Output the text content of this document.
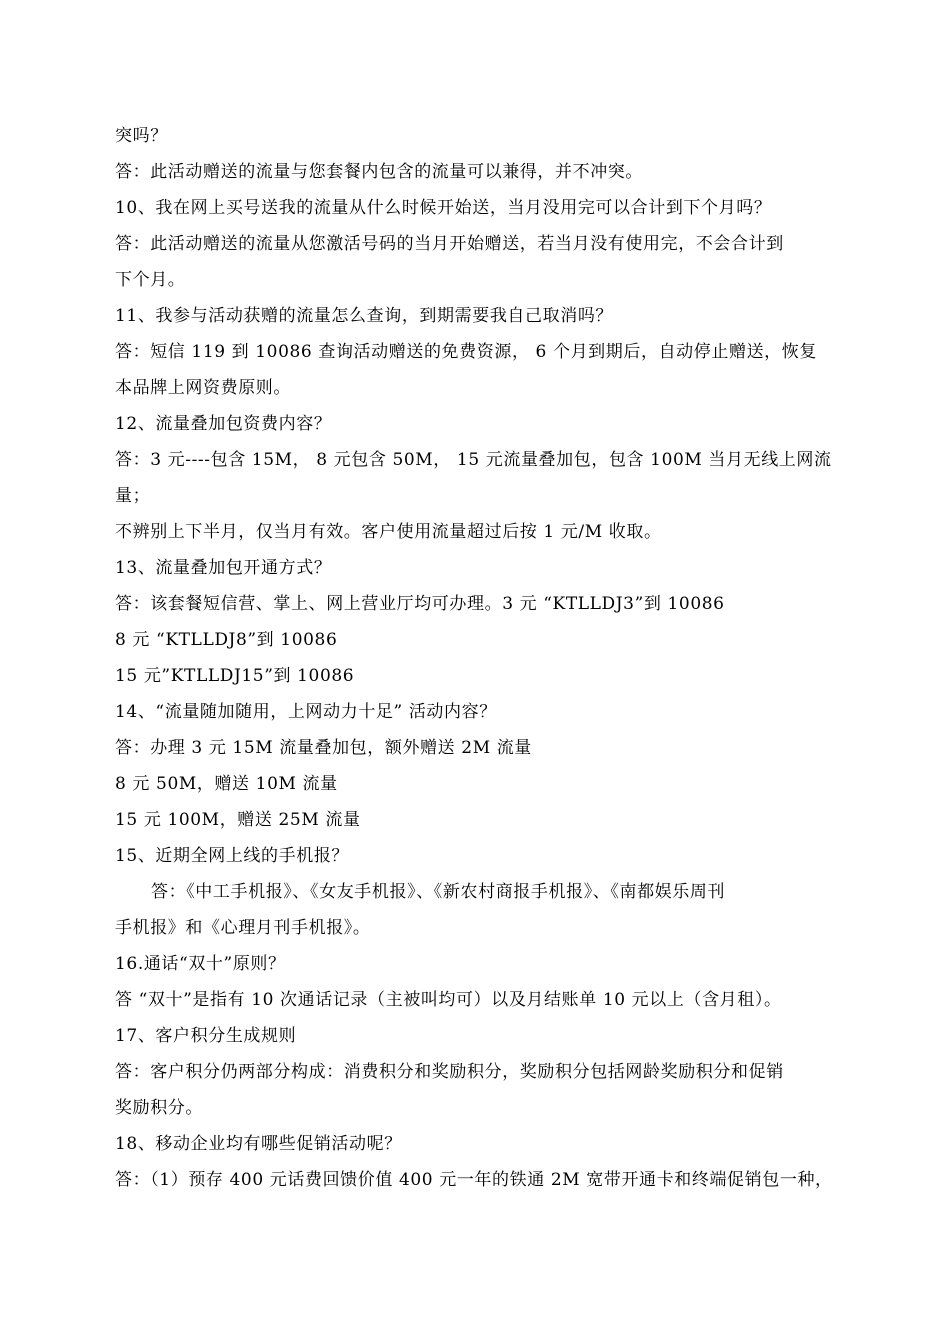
突吗？
答：此活动赠送的流量与您套餐内包含的流量可以兼得，并不冲突。
10、我在网上买号送我的流量从什么时候开始送，当月没用完可以合计到下个月吗？
答：此活动赠送的流量从您激活号码的当月开始赠送，若当月没有使用完，不会合计到
下个月。
11、我参与活动获赠的流量怎么查询，到期需要我自己取消吗？
答：短信 119 到 10086 查询活动赠送的免费资源， 6 个月到期后，自动停止赠送，恢复
本品牌上网资费原则。
12、流量叠加包资费内容？
答：3 元----包含 15M， 8 元包含 50M， 15 元流量叠加包，包含 100M 当月无线上网流
量；
不辨别上下半月，仅当月有效。客户使用流量超过后按 1 元/M 收取。
13、流量叠加包开通方式？
答：该套餐短信营、掌上、网上营业厅均可办理。3 元 “KTLLDJ3”到 10086
8 元 “KTLLDJ8”到 10086
15 元”KTLLDJ15”到 10086
14、“流量随加随用，上网动力十足” 活动内容？
答：办理 3 元 15M 流量叠加包，额外赠送 2M 流量
8 元 50M，赠送 10M 流量
15 元 100M，赠送 25M 流量
15、近期全网上线的手机报？
答：《中工手机报》、《女友手机报》、《新农村商报手机报》、《南都娱乐周刊
手机报》和《心理月刊手机报》。
16.通话“双十”原则？
答 “双十”是指有 10 次通话记录（主被叫均可）以及月结账单 10 元以上（含月租）。
17、客户积分生成规则
答：客户积分仍两部分构成：消费积分和奖励积分，奖励积分包括网龄奖励积分和促销
奖励积分。
18、移动企业均有哪些促销活动呢？
答：（1）预存 400 元话费回馈价值 400 元一年的铁通 2M 宽带开通卡和终端促销包一种，
